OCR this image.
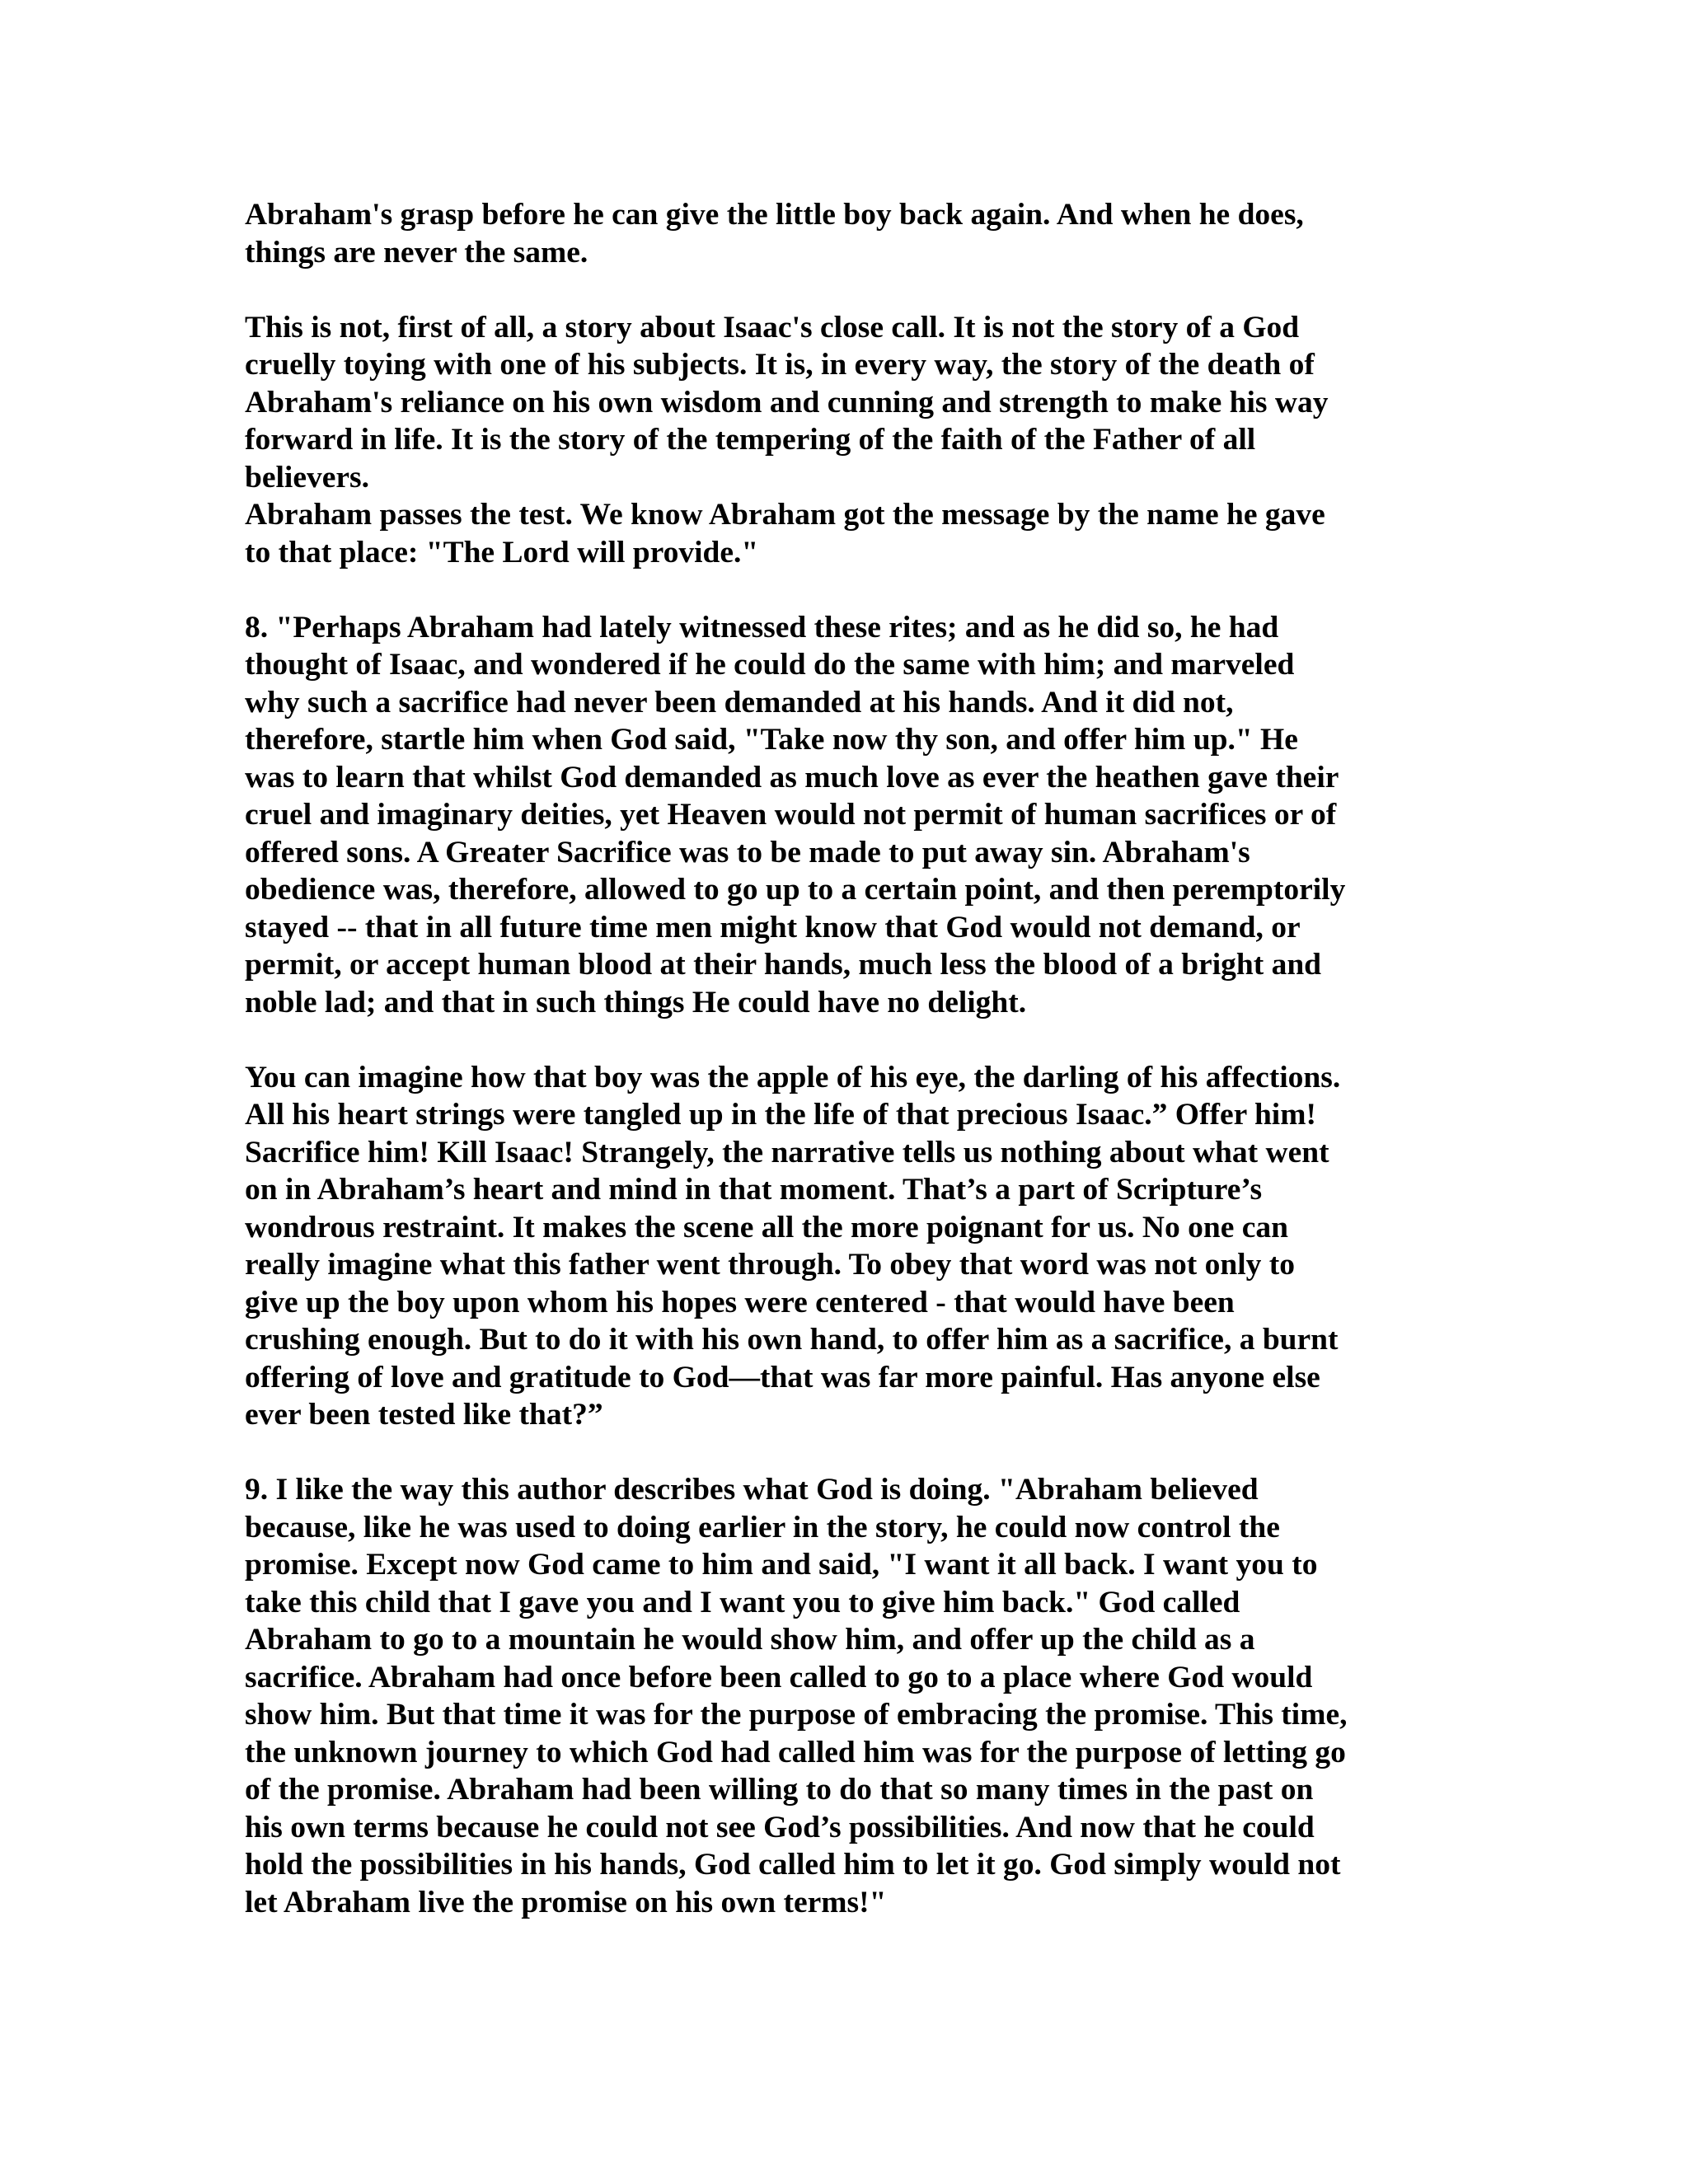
Abraham's grasp before he can give the little boy back again. And when he does,
things are never the same.

This is not, first of all, a story about Isaac's close call. It is not the story of a God
cruelly toying with one of his subjects. It is, in every way, the story of the death of
Abraham's reliance on his own wisdom and cunning and strength to make his way
forward in life. It is the story of the tempering of the faith of the Father of all
believers.

Abraham passes the test. We know Abraham got the message by the name he gave
to that place: "The Lord will provide."

8. "Perhaps Abraham had lately witnessed these rites; and as he did so, he had
thought of Isaac, and wondered if he could do the same with him; and marveled
why such a sacrifice had never been demanded at his hands. And it did not,
therefore, startle him when God said, "Take now thy son, and offer him up." He
was to learn that whilst God demanded as much love as ever the heathen gave their
cruel and imaginary deities, yet Heaven would not permit of human sacrifices or of
offered sons. A Greater Sacrifice was to be made to put away sin. Abraham's
obedience was, therefore, allowed to go up to a certain point, and then peremptorily
stayed -- that in all future time men might know that God would not demand, or
permit, or accept human blood at their hands, much less the blood of a bright and
noble lad; and that in such things He could have no delight.

You can imagine how that boy was the apple of his eye, the darling of his affections.
All his heart strings were tangled up in the life of that precious Isaac.” Offer him!
Sacrifice him! Kill Isaac! Strangely, the narrative tells us nothing about what went
on in Abraham’s heart and mind in that moment. That’s a part of Scripture’s
wondrous restraint. It makes the scene all the more poignant for us. No one can
really imagine what this father went through. To obey that word was not only to
give up the boy upon whom his hopes were centered - that would have been
crushing enough. But to do it with his own hand, to offer him as a sacrifice, a burnt
offering of love and gratitude to God—that was far more painful. Has anyone else
ever been tested like that?”

9. I like the way this author describes what God is doing. "Abraham believed
because, like he was used to doing earlier in the story, he could now control the
promise. Except now God came to him and said, "I want it all back. I want you to
take this child that I gave you and I want you to give him back." God called
Abraham to go to a mountain he would show him, and offer up the child as a
sacrifice. Abraham had once before been called to go to a place where God would
show him. But that time it was for the purpose of embracing the promise. This time,
the unknown journey to which God had called him was for the purpose of letting go
of the promise. Abraham had been willing to do that so many times in the past on
his own terms because he could not see God’s possibilities. And now that he could
hold the possibilities in his hands, God called him to let it go. God simply would not
let Abraham live the promise on his own terms!"
